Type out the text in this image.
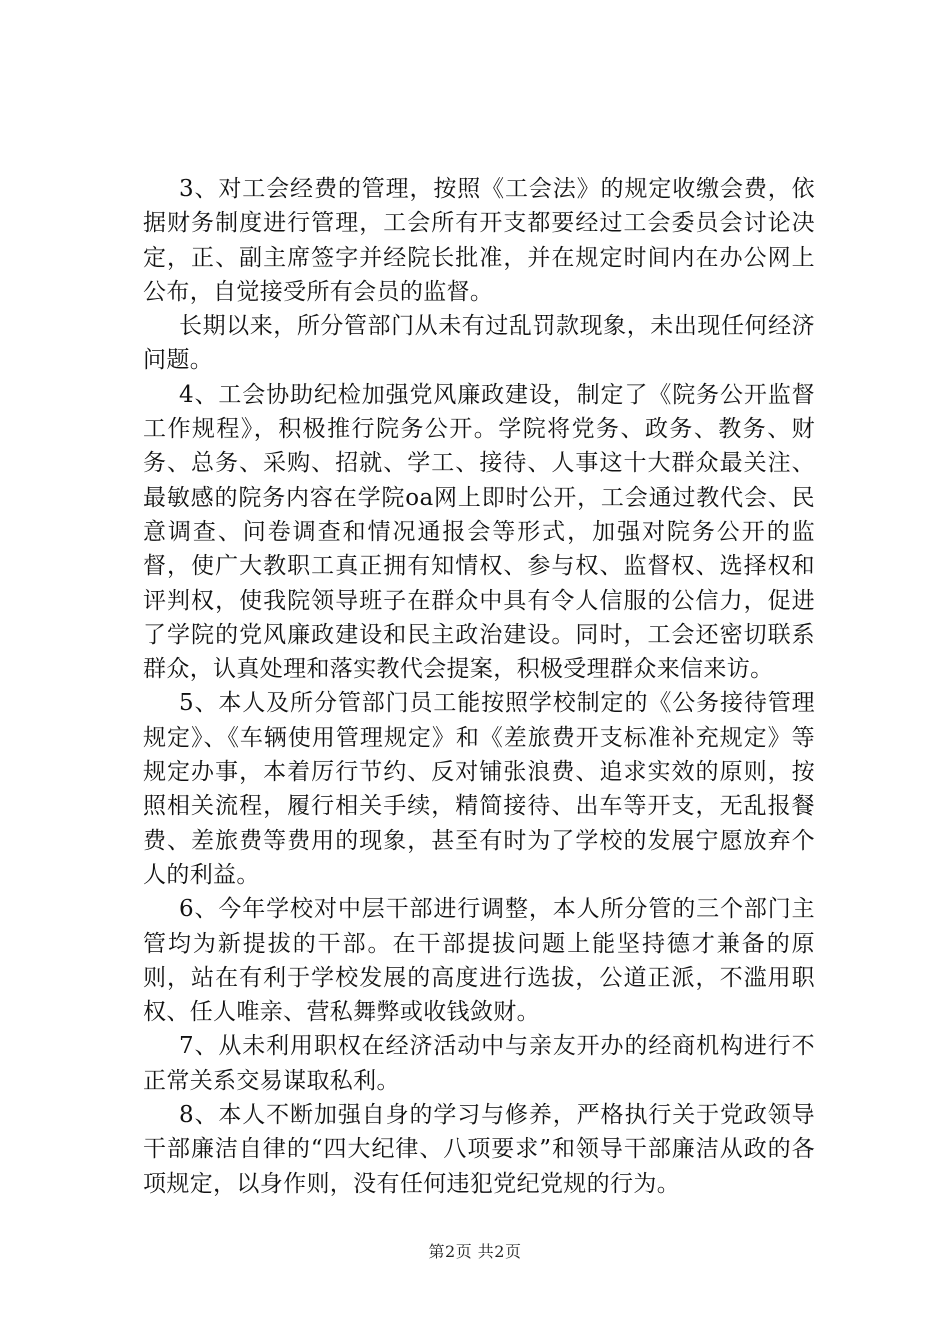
3、对工会经费的管理，按照《工会法》的规定收缴会费，依据财务制度进行管理，工会所有开支都要经过工会委员会讨论决定，正、副主席签字并经院长批准，并在规定时间内在办公网上公布，自觉接受所有会员的监督。

长期以来，所分管部门从未有过乱罚款现象，未出现任何经济问题。

4、工会协助纪检加强党风廉政建设，制定了《院务公开监督工作规程》，积极推行院务公开。学院将党务、政务、教务、财务、总务、采购、招就、学工、接待、人事这十大群众最关注、最敏感的院务内容在学院oa网上即时公开，工会通过教代会、民意调查、问卷调查和情况通报会等形式，加强对院务公开的监督，使广大教职工真正拥有知情权、参与权、监督权、选择权和评判权，使我院领导班子在群众中具有令人信服的公信力，促进了学院的党风廉政建设和民主政治建设。同时，工会还密切联系群众，认真处理和落实教代会提案，积极受理群众来信来访。

5、本人及所分管部门员工能按照学校制定的《公务接待管理规定》、《车辆使用管理规定》和《差旅费开支标准补充规定》等规定办事，本着厉行节约、反对铺张浪费、追求实效的原则，按照相关流程，履行相关手续，精简接待、出车等开支，无乱报餐费、差旅费等费用的现象，甚至有时为了学校的发展宁愿放弃个人的利益。

6、今年学校对中层干部进行调整，本人所分管的三个部门主管均为新提拔的干部。在干部提拔问题上能坚持德才兼备的原则，站在有利于学校发展的高度进行选拔，公道正派，不滥用职权、任人唯亲、营私舞弊或收钱敛财。

7、从未利用职权在经济活动中与亲友开办的经商机构进行不正常关系交易谋取私利。

8、本人不断加强自身的学习与修养，严格执行关于党政领导干部廉洁自律的“四大纪律、八项要求”和领导干部廉洁从政的各项规定，以身作则，没有任何违犯党纪党规的行为。

第2页 共2页
